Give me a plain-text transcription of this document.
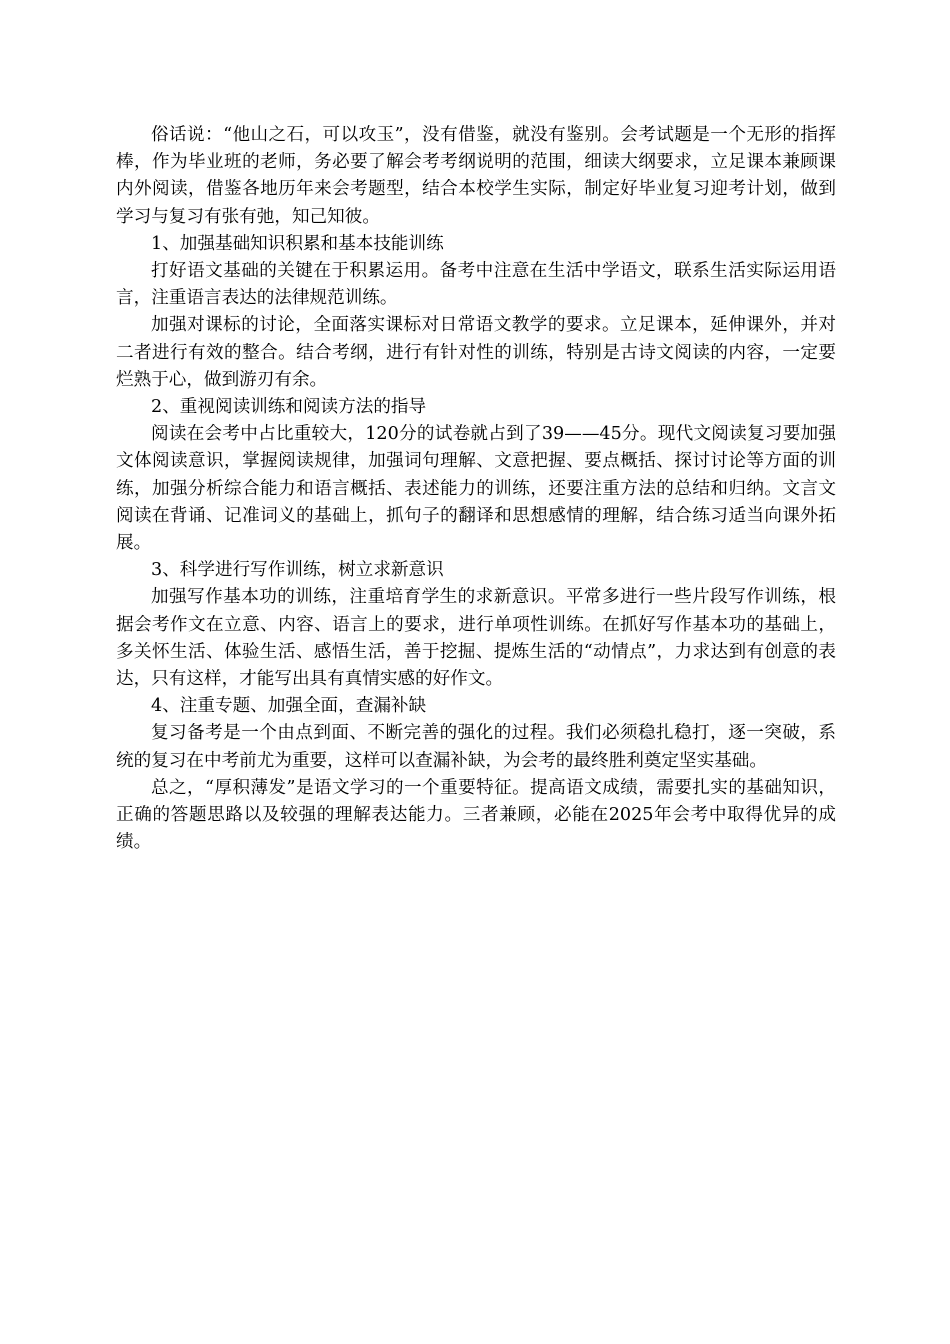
俗话说：“他山之石，可以攻玉”，没有借鉴，就没有鉴别。会考试题是一个无形的指挥棒，作为毕业班的老师，务必要了解会考考纲说明的范围，细读大纲要求，立足课本兼顾课内外阅读，借鉴各地历年来会考题型，结合本校学生实际，制定好毕业复习迎考计划，做到学习与复习有张有弛，知己知彼。

1、加强基础知识积累和基本技能训练

打好语文基础的关键在于积累运用。备考中注意在生活中学语文，联系生活实际运用语言，注重语言表达的法律规范训练。

加强对课标的讨论，全面落实课标对日常语文教学的要求。立足课本，延伸课外，并对二者进行有效的整合。结合考纲，进行有针对性的训练，特别是古诗文阅读的内容，一定要烂熟于心，做到游刃有余。

2、重视阅读训练和阅读方法的指导

阅读在会考中占比重较大，120分的试卷就占到了39——45分。现代文阅读复习要加强文体阅读意识，掌握阅读规律，加强词句理解、文意把握、要点概括、探讨讨论等方面的训练，加强分析综合能力和语言概括、表述能力的训练，还要注重方法的总结和归纳。文言文阅读在背诵、记准词义的基础上，抓句子的翻译和思想感情的理解，结合练习适当向课外拓展。

3、科学进行写作训练，树立求新意识

加强写作基本功的训练，注重培育学生的求新意识。平常多进行一些片段写作训练，根据会考作文在立意、内容、语言上的要求，进行单项性训练。在抓好写作基本功的基础上，多关怀生活、体验生活、感悟生活，善于挖掘、提炼生活的“动情点”，力求达到有创意的表达，只有这样，才能写出具有真情实感的好作文。

4、注重专题、加强全面，查漏补缺

复习备考是一个由点到面、不断完善的强化的过程。我们必须稳扎稳打，逐一突破，系统的复习在中考前尤为重要，这样可以查漏补缺，为会考的最终胜利奠定坚实基础。

总之，“厚积薄发”是语文学习的一个重要特征。提高语文成绩，需要扎实的基础知识，正确的答题思路以及较强的理解表达能力。三者兼顾，必能在2025年会考中取得优异的成绩。
